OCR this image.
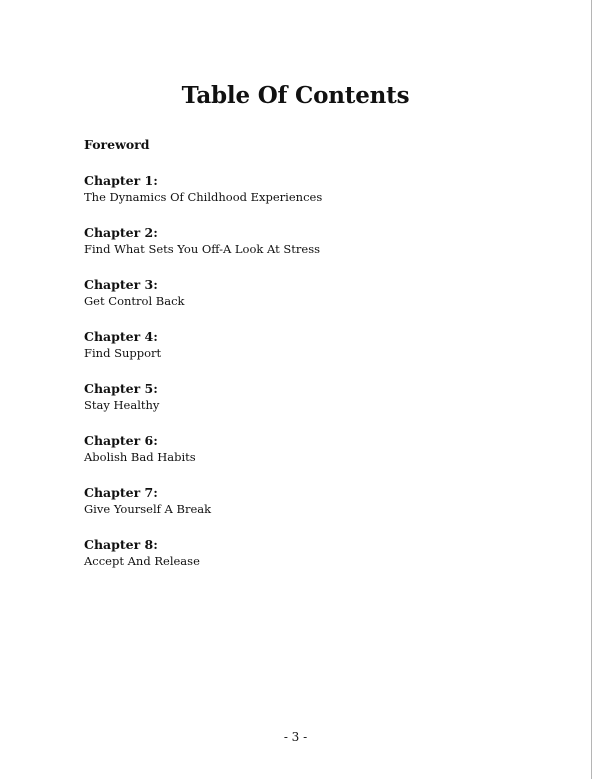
Table Of Contents
Foreword
Chapter 1:
The Dynamics Of Childhood Experiences
Chapter 2:
Find What Sets You Off-A Look At Stress
Chapter 3:
Get Control Back
Chapter 4:
Find Support
Chapter 5:
Stay Healthy
Chapter 6:
Abolish Bad Habits
Chapter 7:
Give Yourself A Break
Chapter 8:
Accept And Release
- 3 -
